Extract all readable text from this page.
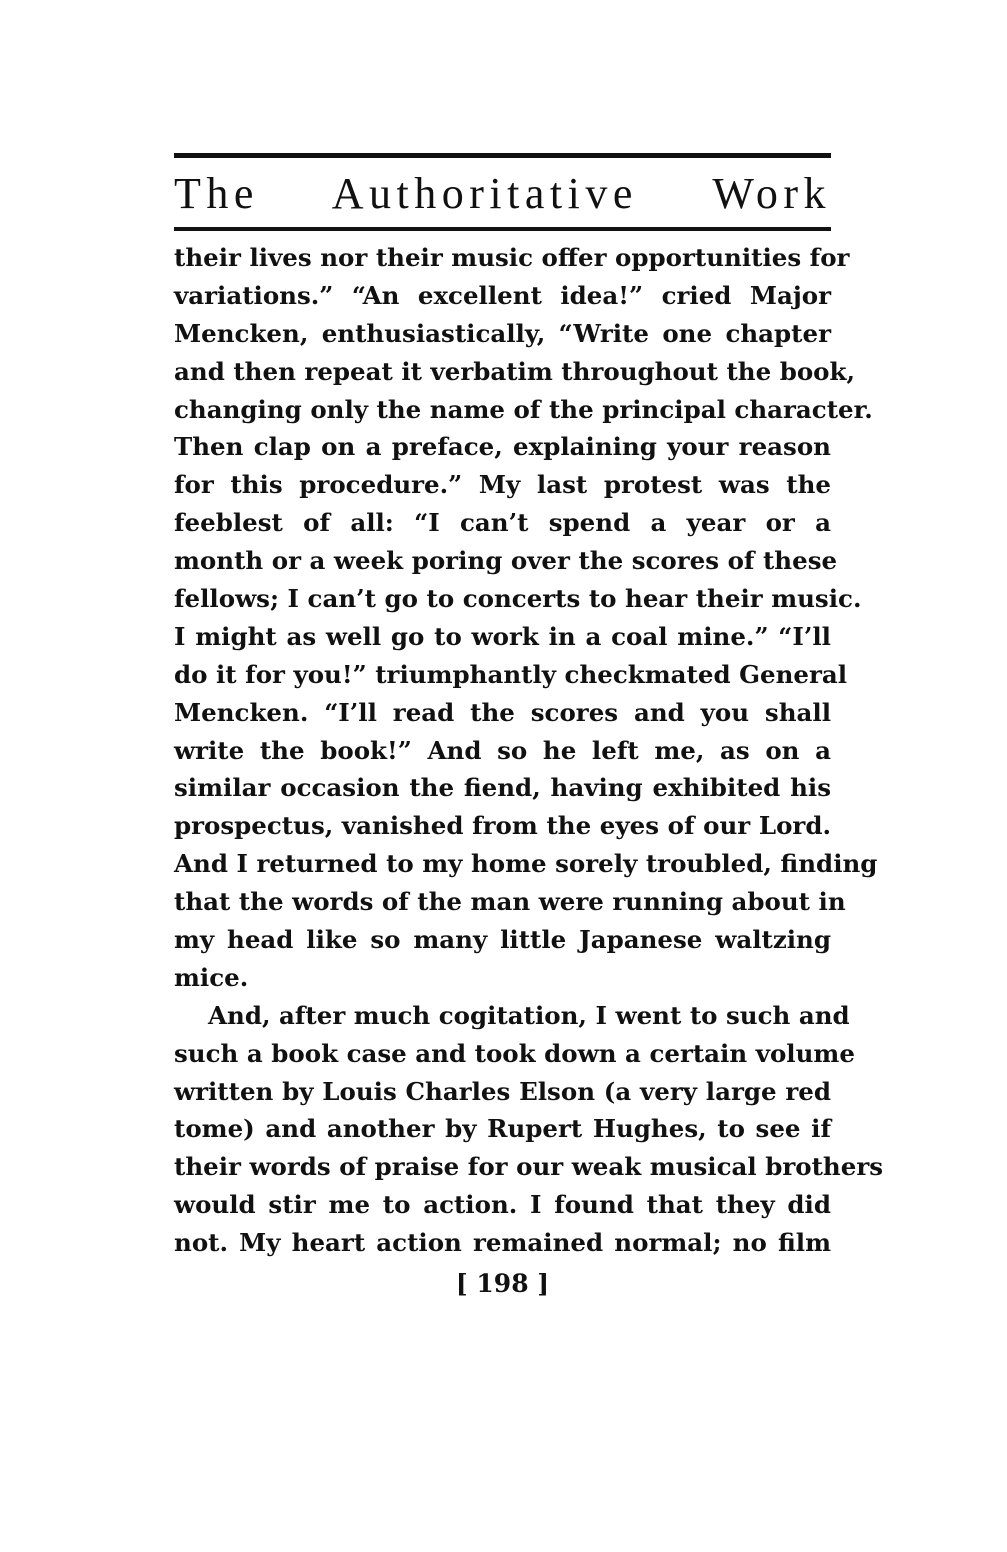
The Authoritative Work
their lives nor their music offer opportunities for
variations.” “An excellent idea!” cried Major
Mencken, enthusiastically, “Write one chapter
and then repeat it verbatim throughout the book,
changing only the name of the principal character.
Then clap on a preface, explaining your reason
for this procedure.” My last protest was the
feeblest of all: “I can’t spend a year or a
month or a week poring over the scores of these
fellows; I can’t go to concerts to hear their music.
I might as well go to work in a coal mine.” “I’ll
do it for you!” triumphantly checkmated General
Mencken. “I’ll read the scores and you shall
write the book!” And so he left me, as on a
similar occasion the fiend, having exhibited his
prospectus, vanished from the eyes of our Lord.
And I returned to my home sorely troubled, finding
that the words of the man were running about in
my head like so many little Japanese waltzing
mice.
And, after much cogitation, I went to such and
such a book case and took down a certain volume
written by Louis Charles Elson (a very large red
tome) and another by Rupert Hughes, to see if
their words of praise for our weak musical brothers
would stir me to action. I found that they did
not. My heart action remained normal; no film
[ 198 ]
